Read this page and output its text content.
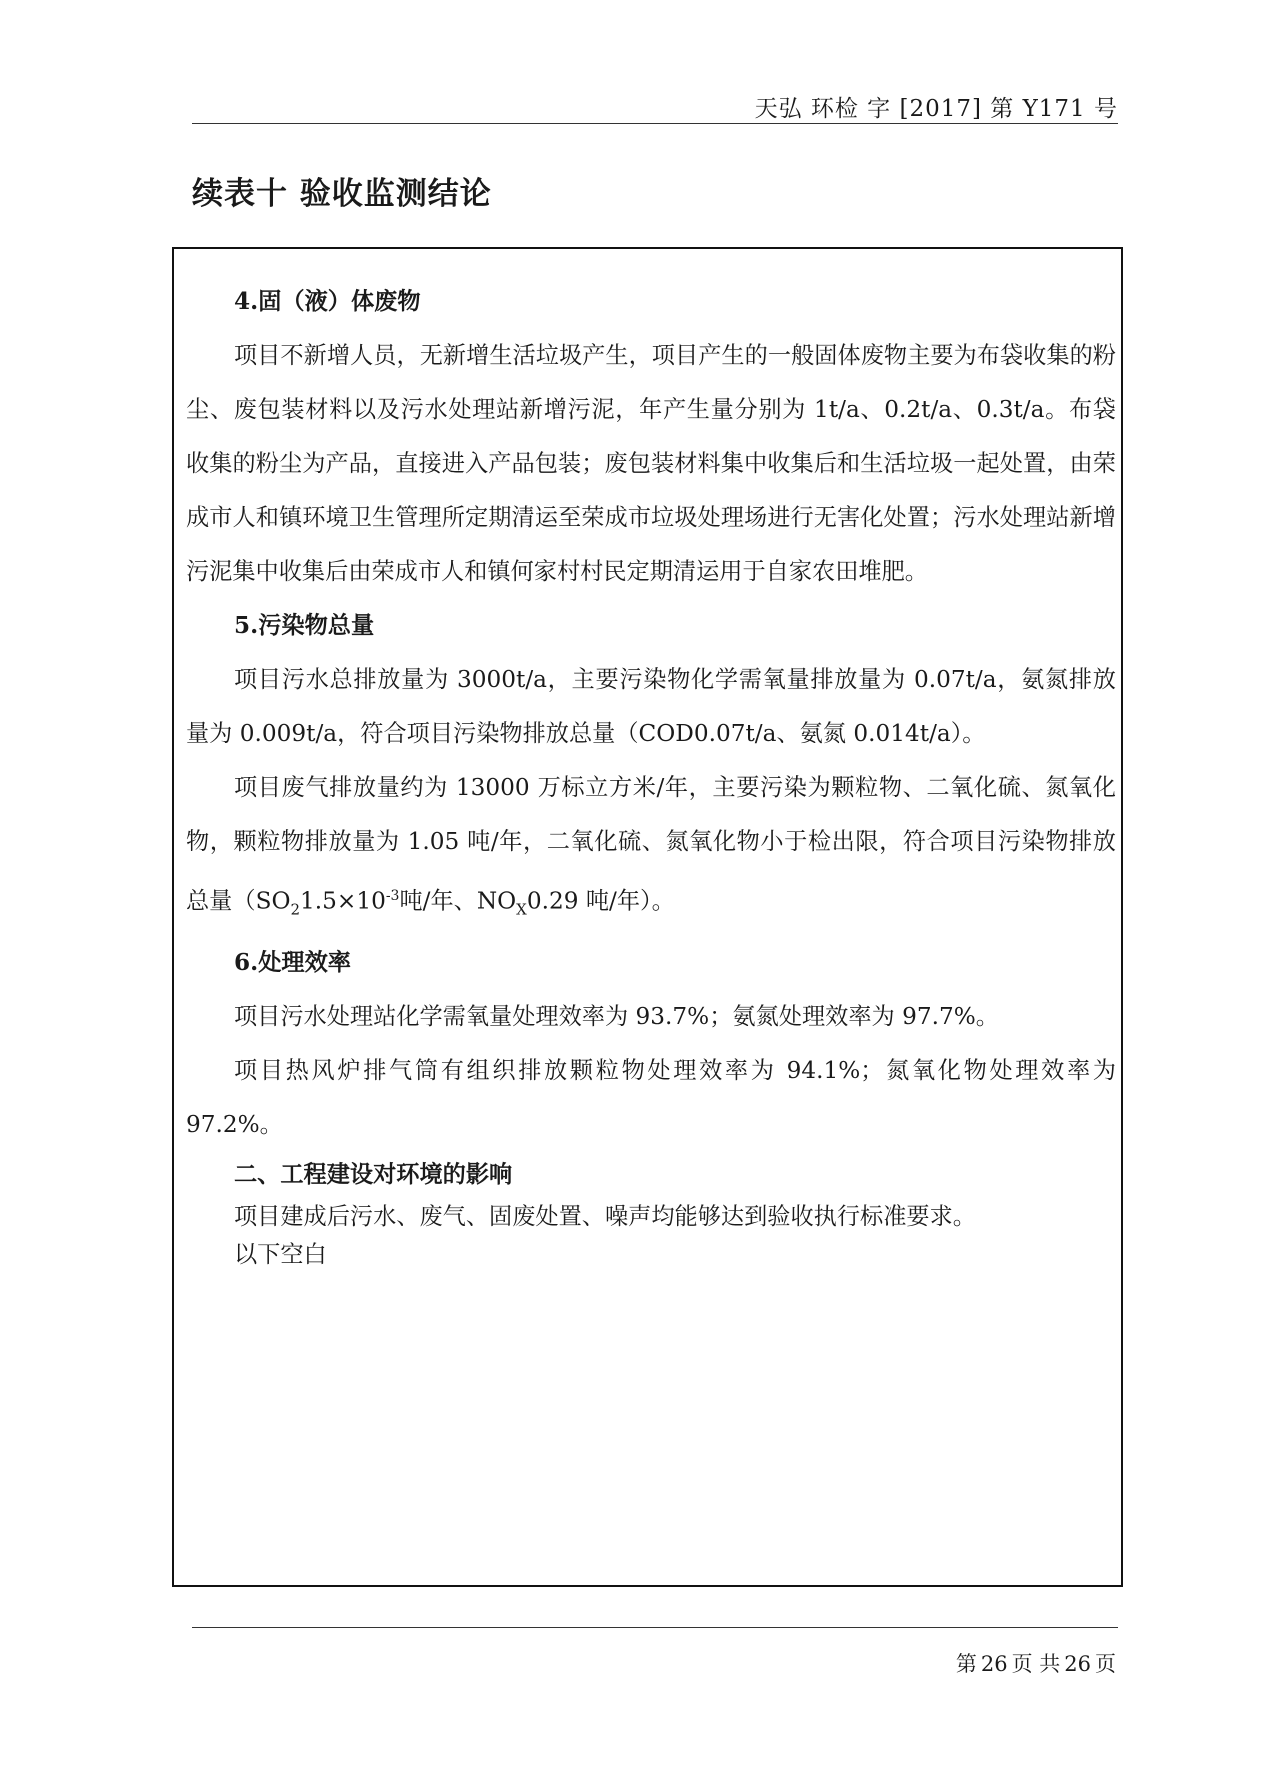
天弘 环检 字 [2017] 第 Y171 号
续表十 验收监测结论
4.固（液）体废物

项目不新增人员，无新增生活垃圾产生，项目产生的一般固体废物主要为布袋收集的粉尘、废包装材料以及污水处理站新增污泥，年产生量分别为 1t/a、0.2t/a、0.3t/a。布袋收集的粉尘为产品，直接进入产品包装；废包装材料集中收集后和生活垃圾一起处置，由荣成市人和镇环境卫生管理所定期清运至荣成市垃圾处理场进行无害化处置；污水处理站新增污泥集中收集后由荣成市人和镇何家村村民定期清运用于自家农田堆肥。

5.污染物总量

项目污水总排放量为 3000t/a，主要污染物化学需氧量排放量为 0.07t/a，氨氮排放量为 0.009t/a，符合项目污染物排放总量（COD0.07t/a、氨氮 0.014t/a）。

项目废气排放量约为 13000 万标立方米/年，主要污染为颗粒物、二氧化硫、氮氧化物，颗粒物排放量为 1.05 吨/年，二氧化硫、氮氧化物小于检出限，符合项目污染物排放总量（$SO_21.5\times 10^{-3}$吨/年、$NO_X0.29$ 吨/年）。

6.处理效率

项目污水处理站化学需氧量处理效率为 93.7%；氨氮处理效率为 97.7%。

项目热风炉排气筒有组织排放颗粒物处理效率为 94.1%；氮氧化物处理效率为 97.2%。

二、工程建设对环境的影响

项目建成后污水、废气、固废处置、噪声均能够达到验收执行标准要求。

以下空白

第 26 页 共 26 页
